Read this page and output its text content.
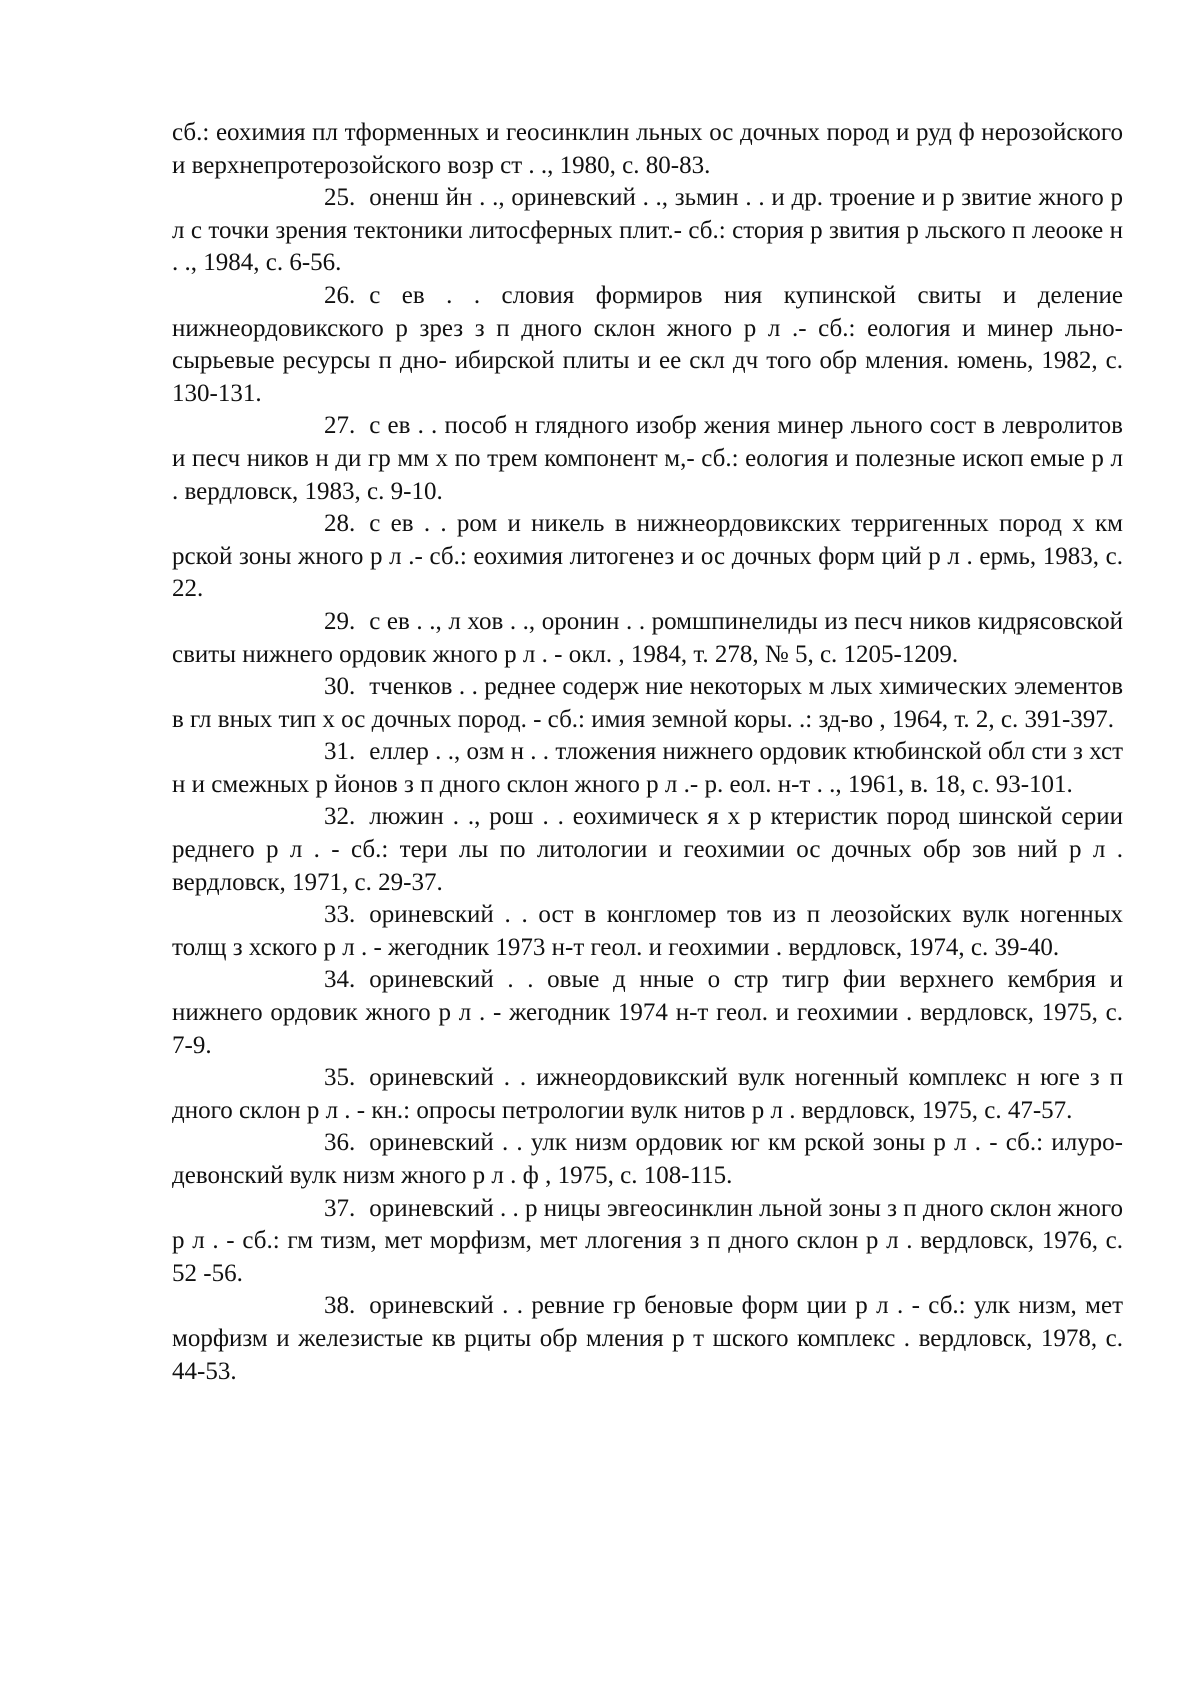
сб.: еохимия пл тформенных и геосинклин льных ос дочных пород и руд ф нерозойского и верхнепротерозойского возр ст . ., 1980, с. 80-83.

25. оненш йн . ., ориневский . ., зьмин . . и др. троение и р звитие жного р л с точки зрения тектоники литосферных плит.- сб.: стория р звития р льского п леооке н . ., 1984, с. 6-56.

26. с ев . . словия формиров ния купинской свиты и деление нижнеордовикского р зрез з п дного склон жного р л .- сб.: еология и минер льно-сырьевые ресурсы п дно- ибирской плиты и ее скл дч того обр мления. юмень, 1982, с. 130-131.

27. с ев . . пособ н глядного изобр жения минер льного сост в левролитов и песч ников н ди гр мм х по трем компонент м,- сб.: еология и полезные ископ емые р л . вердловск, 1983, с. 9-10.

28. с ев . . ром и никель в нижнеордовикских терригенных пород х км рской зоны жного р л .- сб.: еохимия литогенез и ос дочных форм ций р л . ермь, 1983, с. 22.

29. с ев . ., л хов . ., оронин . . ромшпинелиды из песч ников кидрясовской свиты нижнего ордовик жного р л . - окл. , 1984, т. 278, № 5, с. 1205-1209.

30. тченков . . реднее содерж ние некоторых м лых химических элементов в гл вных тип х ос дочных пород. - сб.: имия земной коры. .: зд-во , 1964, т. 2, с. 391-397.

31. еллер . ., озм н . . тложения нижнего ордовик ктюбинской обл сти з хст н и смежных р йонов з п дного склон жного р л .- р. еол. н-т . ., 1961, в. 18, с. 93-101.

32. люжин . ., рош . . еохимическ я х р ктеристик пород шинской серии реднего р л . - сб.: тери лы по литологии и геохимии ос дочных обр зов ний р л . вердловск, 1971, с. 29-37.

33. ориневский . . ост в конгломер тов из п леозойских вулк ногенных толщ з хского р л . - жегодник 1973 н-т геол. и геохимии . вердловск, 1974, с. 39-40.

34. ориневский . . овые д нные о стр тигр фии верхнего кембрия и нижнего ордовик жного р л . - жегодник 1974 н-т геол. и геохимии . вердловск, 1975, с. 7-9.

35. ориневский . . ижнеордовикский вулк ногенный комплекс н юге з п дного склон р л . - кн.: опросы петрологии вулк нитов р л . вердловск, 1975, с. 47-57.

36. ориневский . . улк низм ордовик юг км рской зоны р л . - сб.: илуро-девонский вулк низм жного р л . ф , 1975, с. 108-115.

37. ориневский . . р ницы эвгеосинклин льной зоны з п дного склон жного р л . - сб.: гм тизм, мет морфизм, мет ллогения з п дного склон р л . вердловск, 1976, с. 52 -56.

38. ориневский . . ревние гр беновые форм ции р л . - сб.: улк низм, мет морфизм и железистые кв рциты обр мления р т шского комплекс . вердловск, 1978, с. 44-53.
